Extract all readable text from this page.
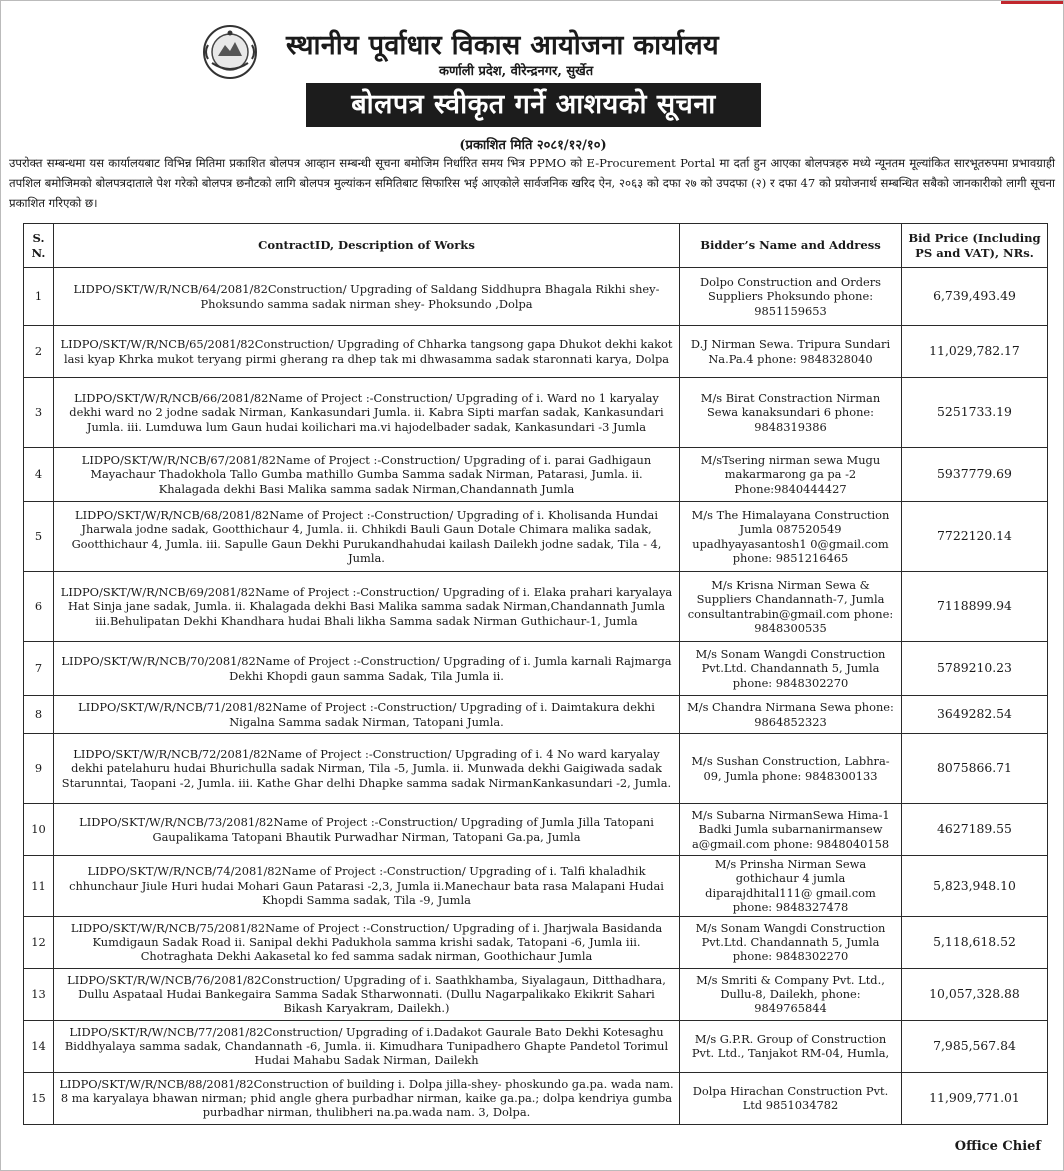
स्थानीय पूर्वाधार विकास आयोजना कार्यालय
कर्णाली प्रदेश, वीरेन्द्रनगर, सुर्खेत
बोलपत्र स्वीकृत गर्ने आशयको सूचना
(प्रकाशित मिति २०८१/१२/१०)
उपरोक्त सम्बन्धमा यस कार्यालयबाट विभिन्न मितिमा प्रकाशित बोलपत्र आव्हान सम्बन्धी सूचना बमोजिम निर्धारित समय भित्र PPMO को E-Procurement Portal मा दर्ता हुन आएका बोलपत्रहरु मध्ये न्यूनतम मूल्यांकित सारभूतरुपमा प्रभावग्राही तपशिल बमोजिमको बोलपत्रदाताले पेश गरेको बोलपत्र छनौटको लागि बोलपत्र मुल्यांकन समितिबाट सिफारिस भई आएकोले सार्वजनिक खरिद ऐन, २०६३ को दफा २७ को उपदफा (२) र दफा 47 को प्रयोजनार्थ सम्बन्धित सबैको जानकारीको लागी सूचना प्रकाशित गरिएको छ।
S. N.	ContractID, Description of Works	Bidder’s Name and Address	Bid Price (Including PS and VAT), NRs.
1	LIDPO/SKT/W/R/NCB/64/2081/82Construction/ Upgrading of Saldang Siddhupra Bhagala Rikhi shey- Phoksundo samma sadak nirman shey- Phoksundo ,Dolpa	Dolpo Construction and Orders Suppliers Phoksundo phone: 9851159653	6,739,493.49
2	LIDPO/SKT/W/R/NCB/65/2081/82Construction/ Upgrading of Chharka tangsong gapa Dhukot dekhi kakot lasi kyap Khrka mukot teryang pirmi gherang ra dhep tak mi dhwasamma sadak staronnati karya, Dolpa	D.J Nirman Sewa. Tripura Sundari Na.Pa.4 phone: 9848328040	11,029,782.17
3	LIDPO/SKT/W/R/NCB/66/2081/82Name of Project :-Construction/ Upgrading of i. Ward no 1 karyalay dekhi ward no 2 jodne sadak Nirman, Kankasundari Jumla. ii. Kabra Sipti marfan sadak, Kankasundari Jumla. iii. Lumduwa lum Gaun hudai koilichari ma.vi hajodelbader sadak, Kankasundari -3 Jumla	M/s Birat Constraction Nirman Sewa kanaksundari 6 phone: 9848319386	5251733.19
4	LIDPO/SKT/W/R/NCB/67/2081/82Name of Project :-Construction/ Upgrading of i. parai Gadhigaun Mayachaur Thadokhola Tallo Gumba mathillo Gumba Samma sadak Nirman, Patarasi, Jumla. ii. Khalagada dekhi Basi Malika samma sadak Nirman,Chandannath Jumla	M/sTsering nirman sewa Mugu makarmarong ga pa -2 Phone:9840444427	5937779.69
5	LIDPO/SKT/W/R/NCB/68/2081/82Name of Project :-Construction/ Upgrading of i. Kholisanda Hundai Jharwala jodne sadak, Gootthichaur 4, Jumla. ii. Chhikdi Bauli Gaun Dotale Chimara malika sadak, Gootthichaur 4, Jumla. iii. Sapulle Gaun Dekhi Purukandhahudai kailash Dailekh jodne sadak, Tila - 4, Jumla.	M/s The Himalayana Construction Jumla 087520549 upadhyayasantosh1 0@gmail.com phone: 9851216465	7722120.14
6	LIDPO/SKT/W/R/NCB/69/2081/82Name of Project :-Construction/ Upgrading of i. Elaka prahari karyalaya Hat Sinja jane sadak, Jumla. ii. Khalagada dekhi Basi Malika samma sadak Nirman,Chandannath Jumla iii.Behulipatan Dekhi Khandhara hudai Bhali likha Samma sadak Nirman Guthichaur-1, Jumla	M/s Krisna Nirman Sewa & Suppliers Chandannath-7, Jumla consultantrabin@gmail.com phone: 9848300535	7118899.94
7	LIDPO/SKT/W/R/NCB/70/2081/82Name of Project :-Construction/ Upgrading of i. Jumla karnali Rajmarga Dekhi Khopdi gaun samma Sadak, Tila Jumla ii.	M/s Sonam Wangdi Construction Pvt.Ltd. Chandannath 5, Jumla phone: 9848302270	5789210.23
8	LIDPO/SKT/W/R/NCB/71/2081/82Name of Project :-Construction/ Upgrading of i. Daimtakura dekhi Nigalna Samma sadak Nirman, Tatopani Jumla.	M/s Chandra Nirmana Sewa phone: 9864852323	3649282.54
9	LIDPO/SKT/W/R/NCB/72/2081/82Name of Project :-Construction/ Upgrading of i. 4 No ward karyalay dekhi patelahuru hudai Bhurichulla sadak Nirman, Tila -5, Jumla. ii. Munwada dekhi Gaigiwada sadak Starunntai, Taopani -2, Jumla. iii. Kathe Ghar delhi Dhapke samma sadak NirmanKankasundari -2, Jumla.	M/s Sushan Construction, Labhra-09, Jumla phone: 9848300133	8075866.71
10	LIDPO/SKT/W/R/NCB/73/2081/82Name of Project :-Construction/ Upgrading of Jumla Jilla Tatopani Gaupalikama Tatopani Bhautik Purwadhar Nirman, Tatopani Ga.pa, Jumla	M/s Subarna NirmanSewa Hima-1 Badki Jumla subarnanirmansew a@gmail.com phone: 9848040158	4627189.55
11	LIDPO/SKT/W/R/NCB/74/2081/82Name of Project :-Construction/ Upgrading of i. Talfi khaladhik chhunchaur Jiule Huri hudai Mohari Gaun Patarasi -2,3, Jumla ii.Manechaur bata rasa Malapani Hudai Khopdi Samma sadak, Tila -9, Jumla	M/s Prinsha Nirman Sewa gothichaur 4 jumla diparajdhital111@ gmail.com phone: 9848327478	5,823,948.10
12	LIDPO/SKT/W/R/NCB/75/2081/82Name of Project :-Construction/ Upgrading of i. Jharjwala Basidanda Kumdigaun Sadak Road ii. Sanipal dekhi Padukhola samma krishi sadak, Tatopani -6, Jumla iii. Chotraghata Dekhi Aakasetal ko fed samma sadak nirman, Goothichaur Jumla	M/s Sonam Wangdi Construction Pvt.Ltd. Chandannath 5, Jumla phone: 9848302270	5,118,618.52
13	LIDPO/SKT/R/W/NCB/76/2081/82Construction/ Upgrading of i. Saathkhamba, Siyalagaun, Ditthadhara, Dullu Aspataal Hudai Bankegaira Samma Sadak Stharwonnati. (Dullu Nagarpalikako Ekikrit Sahari Bikash Karyakram, Dailekh.)	M/s Smriti & Company Pvt. Ltd., Dullu-8, Dailekh, phone: 9849765844	10,057,328.88
14	LIDPO/SKT/R/W/NCB/77/2081/82Construction/ Upgrading of i.Dadakot Gaurale Bato Dekhi Kotesaghu Biddhyalaya samma sadak, Chandannath -6, Jumla. ii. Kimudhara Tunipadhero Ghapte Pandetol Torimul Hudai Mahabu Sadak Nirman, Dailekh	M/s G.P.R. Group of Construction Pvt. Ltd., Tanjakot RM-04, Humla,	7,985,567.84
15	LIDPO/SKT/W/R/NCB/88/2081/82Construction of building i. Dolpa jilla-shey- phoskundo ga.pa. wada nam. 8 ma karyalaya bhawan nirman; phid angle ghera purbadhar nirman, kaike ga.pa.; dolpa kendriya gumba purbadhar nirman, thulibheri na.pa.wada nam. 3, Dolpa.	Dolpa Hirachan Construction Pvt. Ltd 9851034782	11,909,771.01
Office Chief
